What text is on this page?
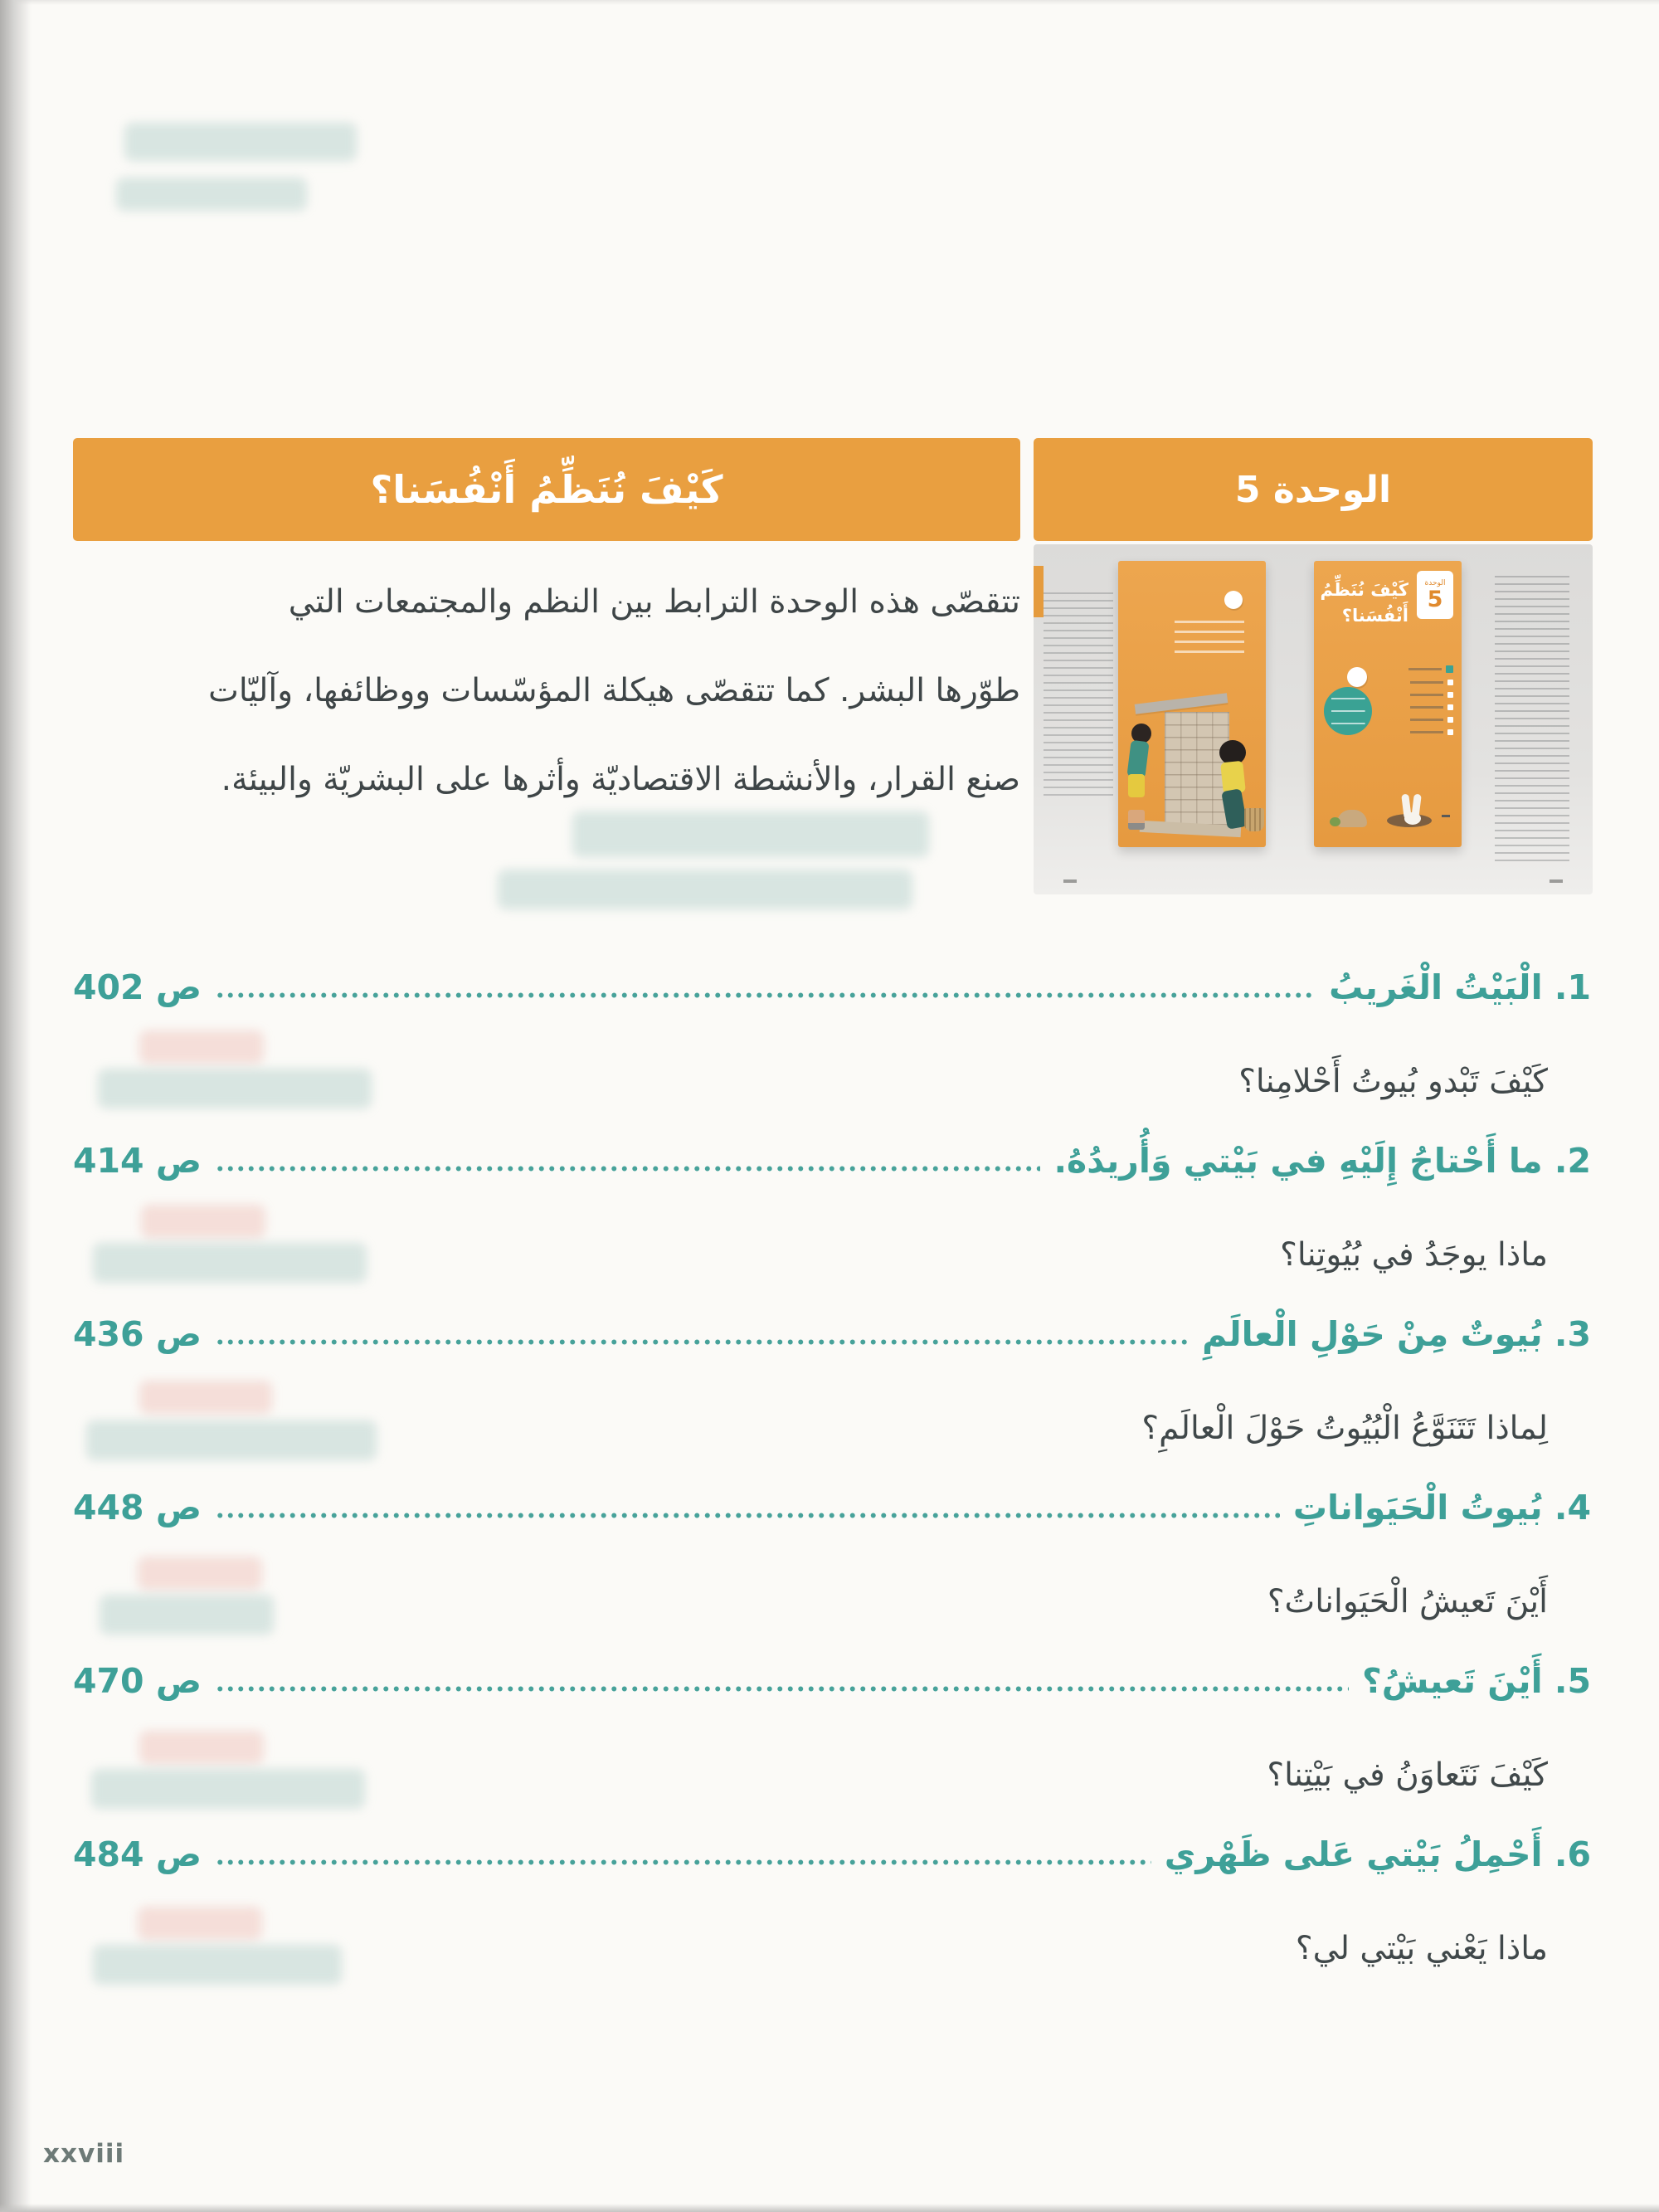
كَيْفَ نُنَظِّمُ أَنْفُسَنا؟	الوحدة 5
تتقصّى هذه الوحدة الترابط بين النظم والمجتمعات التي
طوّرها البشر. كما تتقصّى هيكلة المؤسّسات ووظائفها، وآليّات
صنع القرار، والأنشطة الاقتصاديّة وأثرها على البشريّة والبيئة.
الوحدة
5
كَيْفَ نُنَظِّمُ
أَنْفُسَنا؟
1. الْبَيْتُ الْغَريبُ
ص 402
كَيْفَ تَبْدو بُيوتُ أَحْلامِنا؟
2. ما أَحْتاجُ إِلَيْهِ في بَيْتي وَأُريدُهُ.
ص 414
ماذا يوجَدُ في بُيُوتِنا؟
3. بُيوتٌ مِنْ حَوْلِ الْعالَمِ
ص 436
لِماذا تَتَنَوَّعُ الْبُيُوتُ حَوْلَ الْعالَمِ؟
4. بُيوتُ الْحَيَواناتِ
ص 448
أَيْنَ تَعيشُ الْحَيَواناتُ؟
5. أَيْنَ تَعيشُ؟
ص 470
كَيْفَ نَتَعاوَنُ في بَيْتِنا؟
6. أَحْمِلُ بَيْتي عَلى ظَهْري
ص 484
ماذا يَعْني بَيْتي لي؟
xxviii
